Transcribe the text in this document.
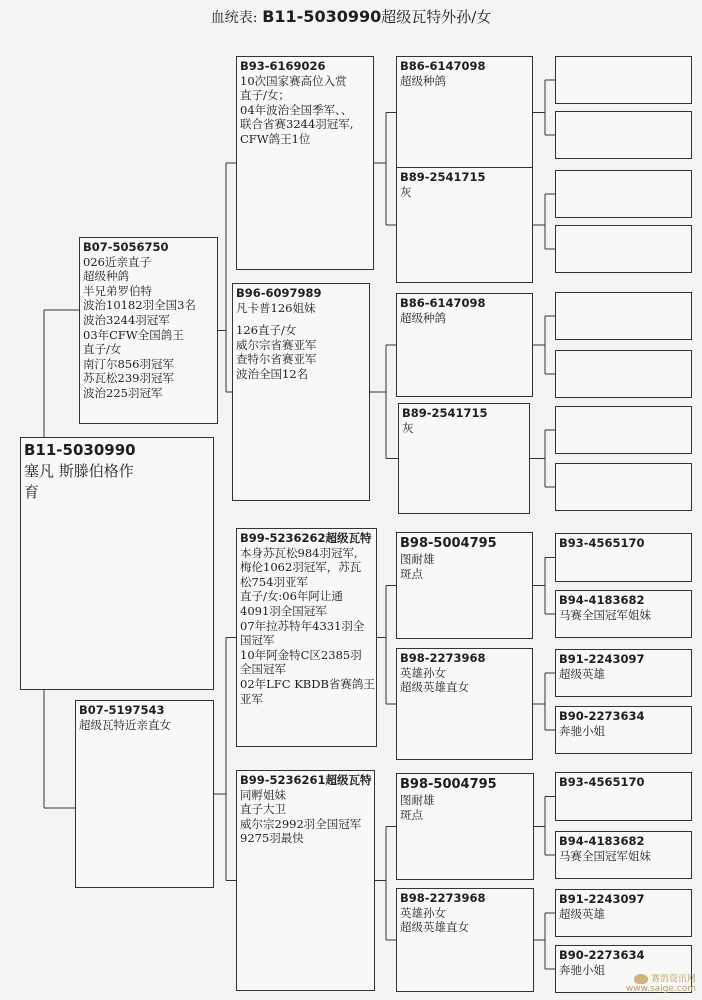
血统表: B11-5030990超级瓦特外孙/女
B11-5030990
塞凡 斯滕伯格作
育
B07-5056750
026近亲直子
超级种鸽
半兄弟罗伯特
波治10182羽全国3名
波治3244羽冠军
03年CFW全国鸽王
直子/女
南汀尔856羽冠军
苏瓦松239羽冠军
波治225羽冠军
B07-5197543
超级瓦特近亲直女
B93-6169026
10次国家赛高位入赏
直子/女；
04年波治全国季军、、
联合省赛3244羽冠军,
CFW鸽王1位
B96-6097989
凡卡普126姐妹
126直子/女
威尔宗省赛亚军
查特尔省赛亚军
波治全国12名
B99-5236262超级瓦特
本身苏瓦松984羽冠军,
梅伦1062羽冠军，苏瓦
松754羽亚军
直子/女:06年阿让通
4091羽全国冠军
07年拉苏特年4331羽全
国冠军
10年阿金特C区2385羽
全国冠军
02年LFC KBDB省赛鸽王
亚军
B99-5236261超级瓦特
同孵姐妹
直子大卫
威尔宗2992羽全国冠军
9275羽最快
B86-6147098
超级种鸽
B89-2541715
灰
B86-6147098
超级种鸽
B89-2541715
灰
B98-5004795
图耐雄
斑点
B98-2273968
英雄孙女
超级英雄直女
B98-5004795
图耐雄
斑点
B98-2273968
英雄孙女
超级英雄直女
B93-4565170
B94-4183682
马赛全国冠军姐妹
B91-2243097
超级英雄
B90-2273634
奔驰小姐
B93-4565170
B94-4183682
马赛全国冠军姐妹
B91-2243097
超级英雄
B90-2273634
奔驰小姐
赛鸽资讯网
www.saige.com
